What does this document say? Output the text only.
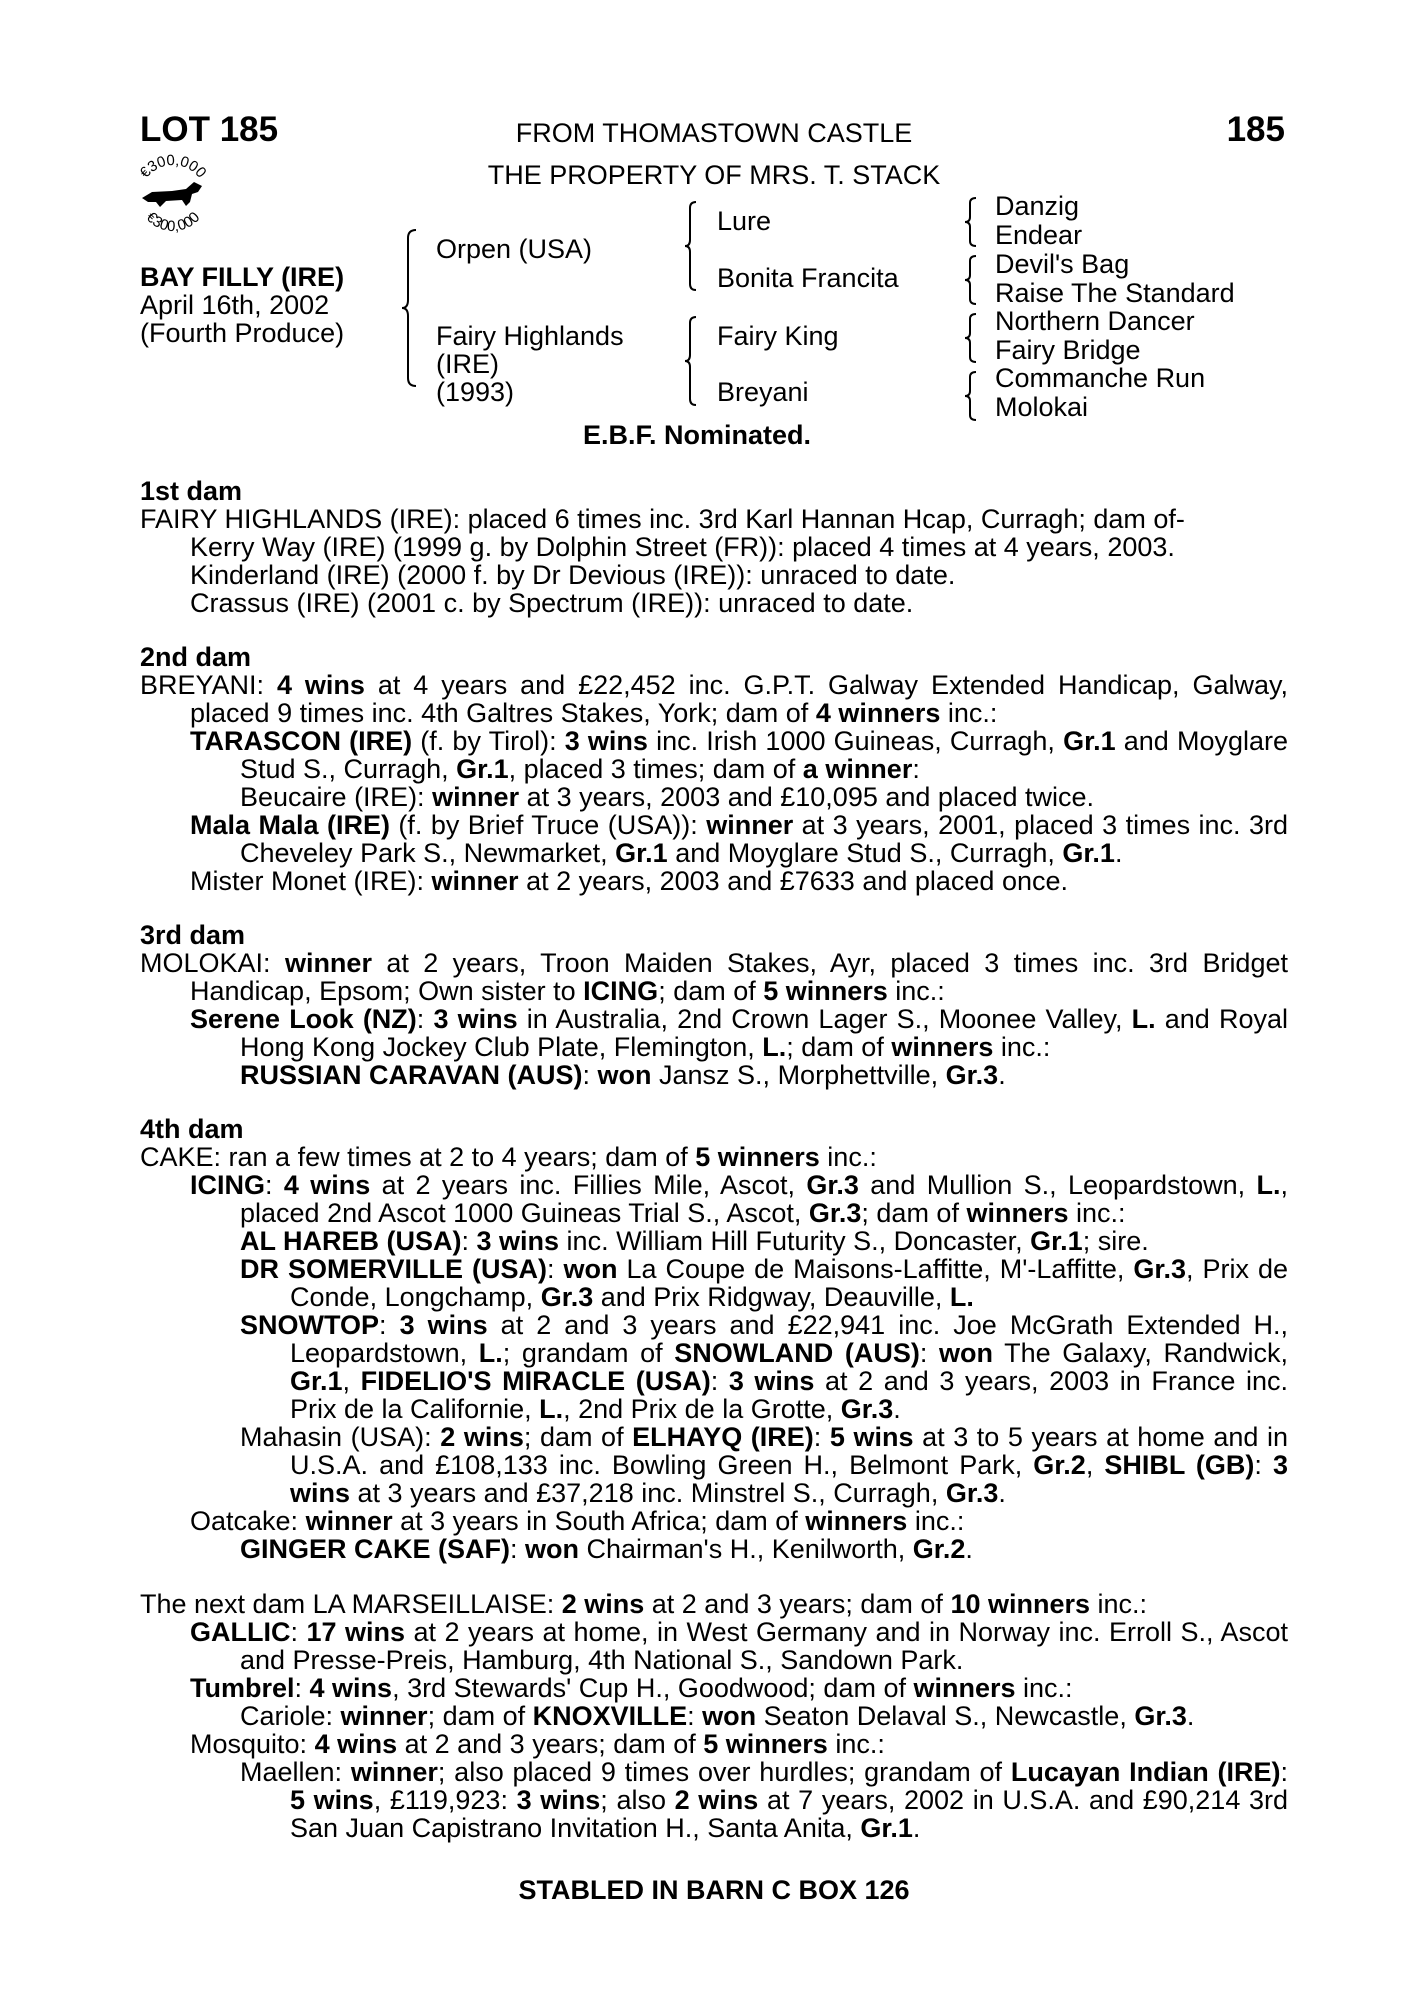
LOT 185	185
FROM THOMASTOWN CASTLE
THE PROPERTY OF MRS. T. STACK
€300,000
€300,000
BAY FILLY (IRE)
April 16th, 2002
(Fourth Produce)
Orpen (USA)
Fairy Highlands
(IRE)
(1993)
Lure
Bonita Francita
Fairy King
Breyani
Danzig
Endear
Devil's Bag
Raise The Standard
Northern Dancer
Fairy Bridge
Commanche Run
Molokai
E.B.F. Nominated.

1st dam

FAIRY HIGHLANDS (IRE): placed 6 times inc. 3rd Karl Hannan Hcap, Curragh; dam of-

Kerry Way (IRE) (1999 g. by Dolphin Street (FR)): placed 4 times at 4 years, 2003.

Kinderland (IRE) (2000 f. by Dr Devious (IRE)): unraced to date.

Crassus (IRE) (2001 c. by Spectrum (IRE)): unraced to date.

2nd dam

BREYANI: 4 wins at 4 years and £22,452 inc. G.P.T. Galway Extended Handicap, Galway, placed 9 times inc. 4th Galtres Stakes, York; dam of 4 winners inc.:

TARASCON (IRE) (f. by Tirol): 3 wins inc. Irish 1000 Guineas, Curragh, Gr.1 and Moyglare Stud S., Curragh, Gr.1, placed 3 times; dam of a winner:

Beucaire (IRE): winner at 3 years, 2003 and £10,095 and placed twice.

Mala Mala (IRE) (f. by Brief Truce (USA)): winner at 3 years, 2001, placed 3 times inc. 3rd Cheveley Park S., Newmarket, Gr.1 and Moyglare Stud S., Curragh, Gr.1.

Mister Monet (IRE): winner at 2 years, 2003 and £7633 and placed once.

3rd dam

MOLOKAI: winner at 2 years, Troon Maiden Stakes, Ayr, placed 3 times inc. 3rd Bridget Handicap, Epsom; Own sister to ICING; dam of 5 winners inc.:

Serene Look (NZ): 3 wins in Australia, 2nd Crown Lager S., Moonee Valley, L. and Royal Hong Kong Jockey Club Plate, Flemington, L.; dam of winners inc.:

RUSSIAN CARAVAN (AUS): won Jansz S., Morphettville, Gr.3.

4th dam

CAKE: ran a few times at 2 to 4 years; dam of 5 winners inc.:

ICING: 4 wins at 2 years inc. Fillies Mile, Ascot, Gr.3 and Mullion S., Leopardstown, L., placed 2nd Ascot 1000 Guineas Trial S., Ascot, Gr.3; dam of winners inc.:

AL HAREB (USA): 3 wins inc. William Hill Futurity S., Doncaster, Gr.1; sire.

DR SOMERVILLE (USA): won La Coupe de Maisons-Laffitte, M'-Laffitte, Gr.3, Prix de Conde, Longchamp, Gr.3 and Prix Ridgway, Deauville, L.

SNOWTOP: 3 wins at 2 and 3 years and £22,941 inc. Joe McGrath Extended H., Leopardstown, L.; grandam of SNOWLAND (AUS): won The Galaxy, Randwick, Gr.1, FIDELIO'S MIRACLE (USA): 3 wins at 2 and 3 years, 2003 in France inc. Prix de la Californie, L., 2nd Prix de la Grotte, Gr.3.

Mahasin (USA): 2 wins; dam of ELHAYQ (IRE): 5 wins at 3 to 5 years at home and in U.S.A. and £108,133 inc. Bowling Green H., Belmont Park, Gr.2, SHIBL (GB): 3 wins at 3 years and £37,218 inc. Minstrel S., Curragh, Gr.3.

Oatcake: winner at 3 years in South Africa; dam of winners inc.:

GINGER CAKE (SAF): won Chairman's H., Kenilworth, Gr.2.

The next dam LA MARSEILLAISE: 2 wins at 2 and 3 years; dam of 10 winners inc.:

GALLIC: 17 wins at 2 years at home, in West Germany and in Norway inc. Erroll S., Ascot and Presse-Preis, Hamburg, 4th National S., Sandown Park.

Tumbrel: 4 wins, 3rd Stewards' Cup H., Goodwood; dam of winners inc.:

Cariole: winner; dam of KNOXVILLE: won Seaton Delaval S., Newcastle, Gr.3.

Mosquito: 4 wins at 2 and 3 years; dam of 5 winners inc.:

Maellen: winner; also placed 9 times over hurdles; grandam of Lucayan Indian (IRE): 5 wins, £119,923: 3 wins; also 2 wins at 7 years, 2002 in U.S.A. and £90,214 3rd San Juan Capistrano Invitation H., Santa Anita, Gr.1.

STABLED IN BARN C BOX 126
